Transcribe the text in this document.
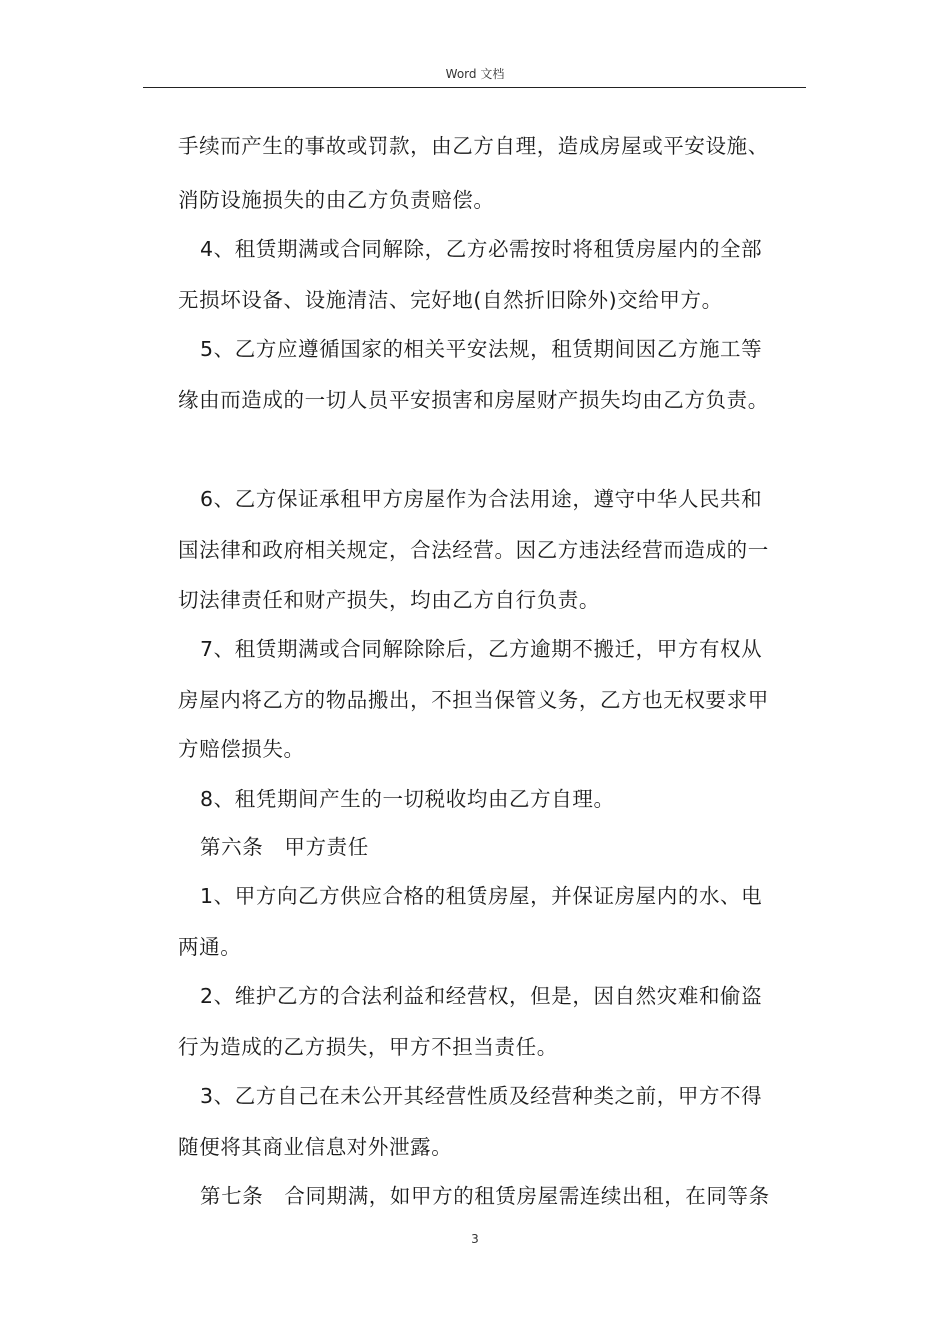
Word 文档
手续而产生的事故或罚款，由乙方自理，造成房屋或平安设施、
消防设施损失的由乙方负责赔偿。
4、租赁期满或合同解除，乙方必需按时将租赁房屋内的全部
无损坏设备、设施清洁、完好地(自然折旧除外)交给甲方。
5、乙方应遵循国家的相关平安法规，租赁期间因乙方施工等
缘由而造成的一切人员平安损害和房屋财产损失均由乙方负责。
6、乙方保证承租甲方房屋作为合法用途，遵守中华人民共和
国法律和政府相关规定，合法经营。因乙方违法经营而造成的一
切法律责任和财产损失，均由乙方自行负责。
7、租赁期满或合同解除除后，乙方逾期不搬迁，甲方有权从
房屋内将乙方的物品搬出，不担当保管义务，乙方也无权要求甲
方赔偿损失。
8、租凭期间产生的一切税收均由乙方自理。
第六条　甲方责任
1、甲方向乙方供应合格的租赁房屋，并保证房屋内的水、电
两通。
2、维护乙方的合法利益和经营权，但是，因自然灾难和偷盗
行为造成的乙方损失，甲方不担当责任。
3、乙方自己在未公开其经营性质及经营种类之前，甲方不得
随便将其商业信息对外泄露。
第七条　合同期满，如甲方的租赁房屋需连续出租，在同等条
3
